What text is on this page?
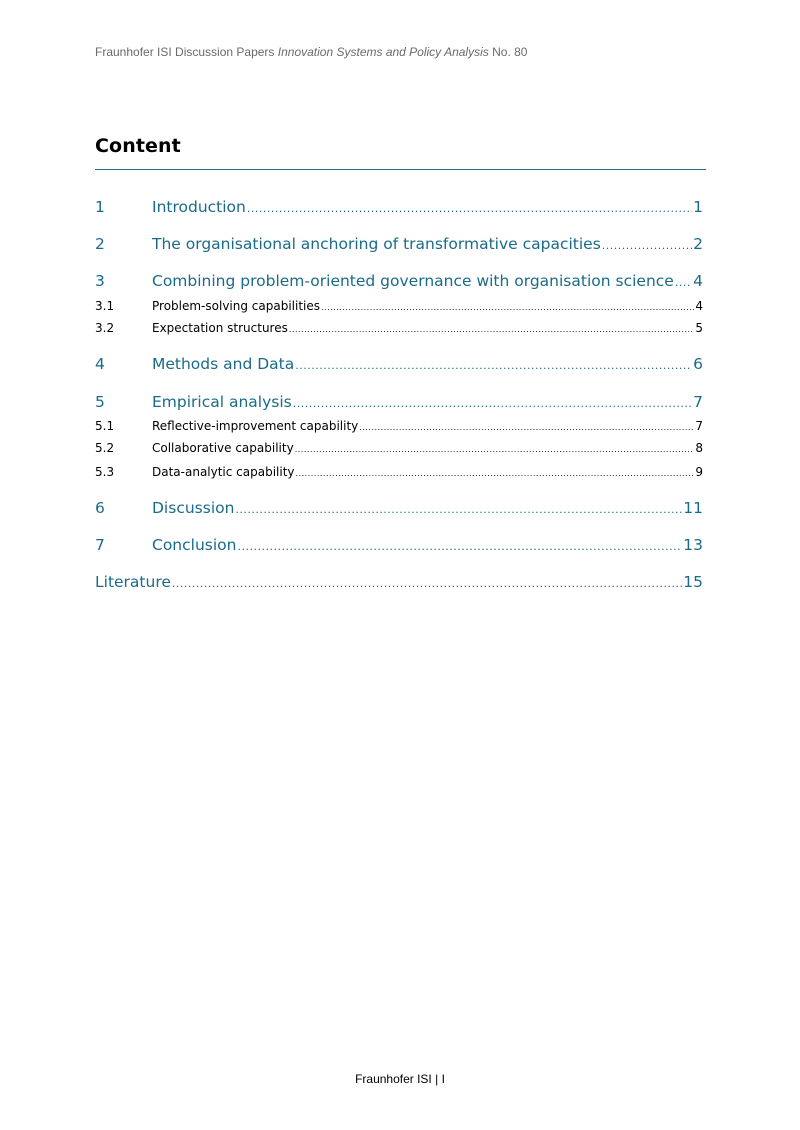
Fraunhofer ISI Discussion Papers Innovation Systems and Policy Analysis No. 80
Content
1	Introduction .....	1
2	The organisational anchoring of transformative capacities .....	2
3	Combining problem-oriented governance with organisation science ..... 4
3.1	Problem-solving capabilities .....	4
3.2	Expectation structures .....	5
4	Methods and Data .....	6
5	Empirical analysis .....	7
5.1	Reflective-improvement capability .....	7
5.2	Collaborative capability .....	8
5.3	Data-analytic capability .....	9
6	Discussion .....	11
7	Conclusion .....	13
Literature .....	15
Fraunhofer ISI | I
